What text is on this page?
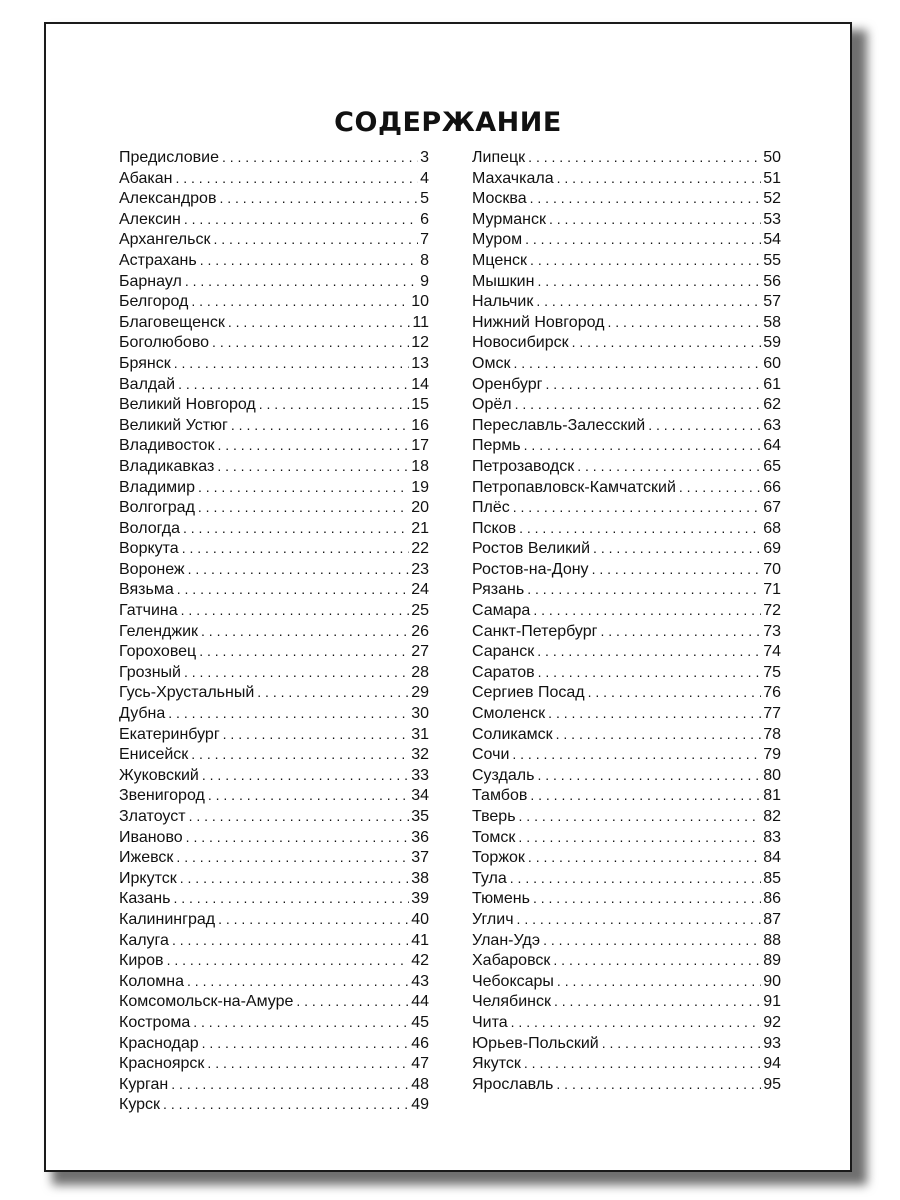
СОДЕРЖАНИЕ
Предисловие . . .	3
Абакан . . .	4
Александров . . .	5
Алексин . . .	6
Архангельск . . .	7
Астрахань . . .	8
Барнаул . . .	9
Белгород . . .	10
Благовещенск . . .	11
Боголюбово . . .	12
Брянск . . .	13
Валдай . . .	14
Великий Новгород . . .	15
Великий Устюг . . .	16
Владивосток . . .	17
Владикавказ . . .	18
Владимир . . .	19
Волгоград . . .	20
Вологда . . .	21
Воркута . . .	22
Воронеж . . .	23
Вязьма . . .	24
Гатчина . . .	25
Геленджик . . .	26
Гороховец . . .	27
Грозный . . .	28
Гусь-Хрустальный . . .	29
Дубна . . .	30
Екатеринбург . . .	31
Енисейск . . .	32
Жуковский . . .	33
Звенигород . . .	34
Златоуст . . .	35
Иваново . . .	36
Ижевск . . .	37
Иркутск . . .	38
Казань . . .	39
Калининград . . .	40
Калуга . . .	41
Киров . . .	42
Коломна . . .	43
Комсомольск-на-Амуре . . .	44
Кострома . . .	45
Краснодар . . .	46
Красноярск . . .	47
Курган . . .	48
Курск . . .	49
Липецк . . .	50
Махачкала . . .	51
Москва . . .	52
Мурманск . . .	53
Муром . . .	54
Мценск . . .	55
Мышкин . . .	56
Нальчик . . .	57
Нижний Новгород . . .	58
Новосибирск . . .	59
Омск . . .	60
Оренбург . . .	61
Орёл . . .	62
Переславль-Залесский . . .	63
Пермь . . .	64
Петрозаводск . . .	65
Петропавловск-Камчатский . . .	66
Плёс . . .	67
Псков . . .	68
Ростов Великий . . .	69
Ростов-на-Дону . . .	70
Рязань . . .	71
Самара . . .	72
Санкт-Петербург . . .	73
Саранск . . .	74
Саратов . . .	75
Сергиев Посад . . .	76
Смоленск . . .	77
Соликамск . . .	78
Сочи . . .	79
Суздаль . . .	80
Тамбов . . .	81
Тверь . . .	82
Томск . . .	83
Торжок . . .	84
Тула . . .	85
Тюмень . . .	86
Углич . . .	87
Улан-Удэ . . .	88
Хабаровск . . .	89
Чебоксары . . .	90
Челябинск . . .	91
Чита . . .	92
Юрьев-Польский . . .	93
Якутск . . .	94
Ярославль . . .	95
